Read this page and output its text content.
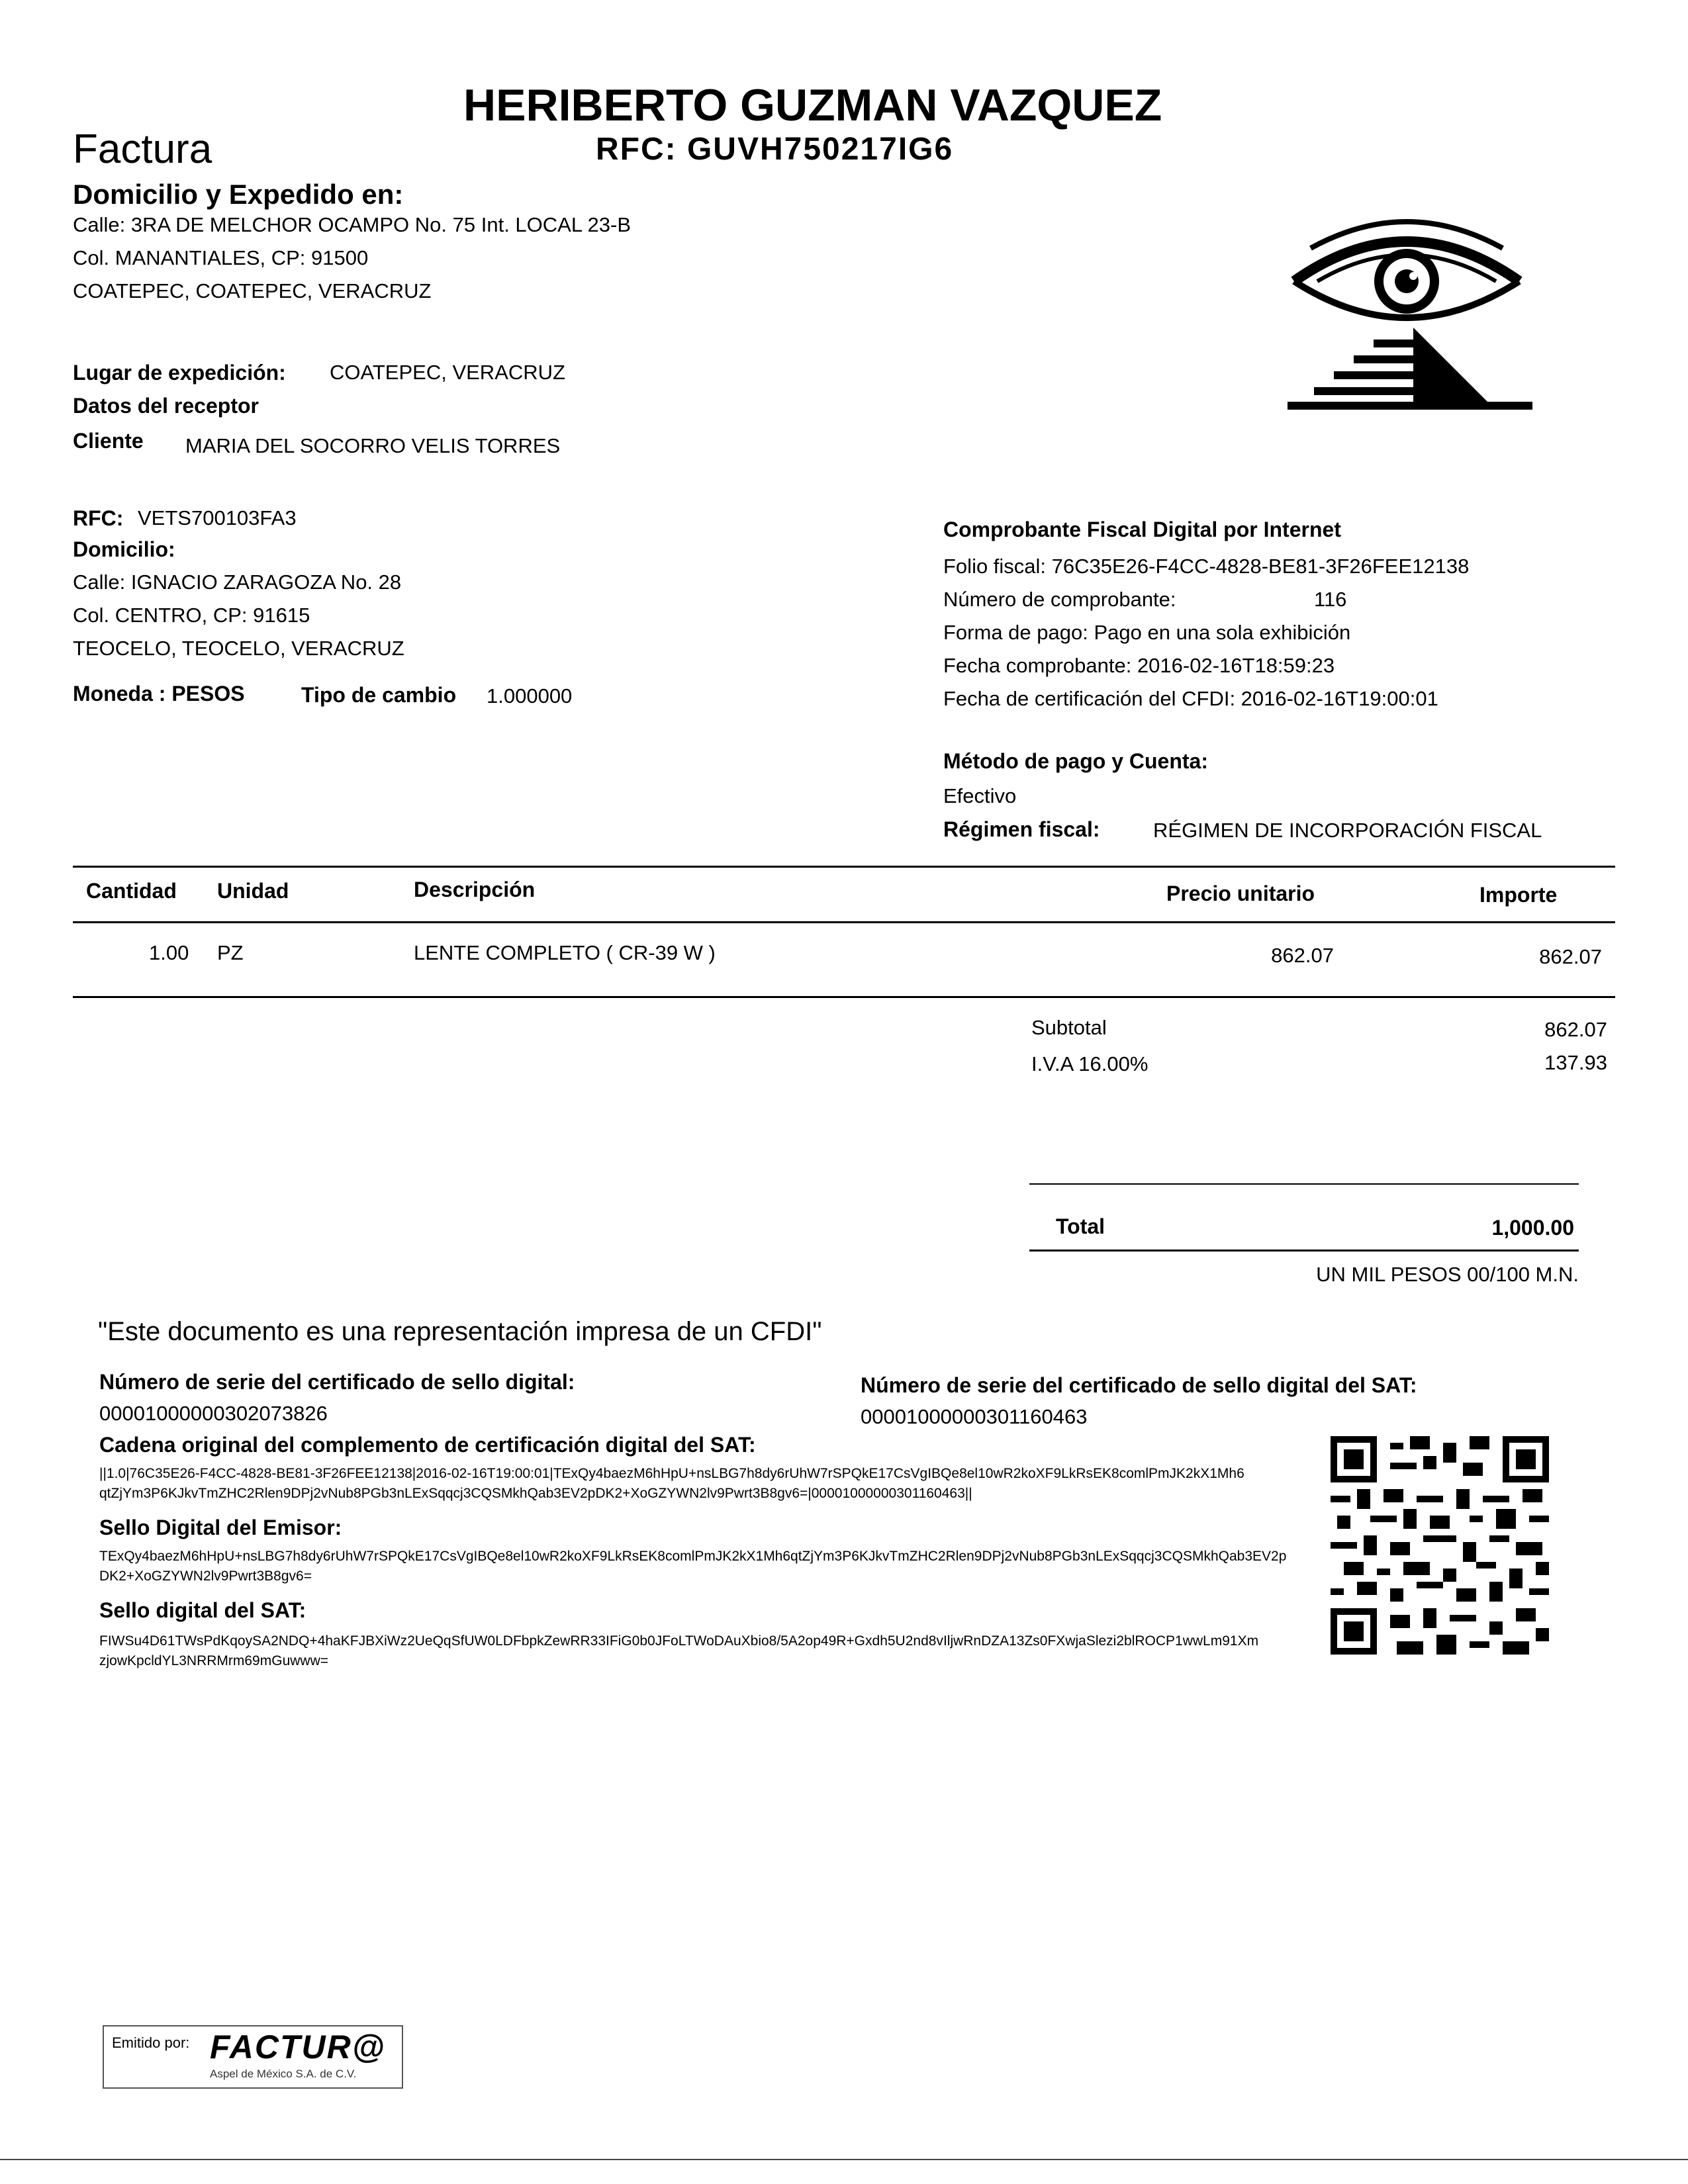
HERIBERTO GUZMAN VAZQUEZ
RFC: GUVH750217IG6
Factura
Domicilio y Expedido en:
Calle: 3RA DE MELCHOR OCAMPO No. 75 Int. LOCAL 23-B
Col. MANANTIALES, CP: 91500
COATEPEC, COATEPEC, VERACRUZ
Lugar de expedición: COATEPEC, VERACRUZ
Datos del receptor
Cliente MARIA DEL SOCORRO VELIS TORRES
RFC: VETS700103FA3
Domicilio:
Calle: IGNACIO ZARAGOZA No. 28
Col. CENTRO, CP: 91615
TEOCELO, TEOCELO, VERACRUZ
Moneda : PESOS	Tipo de cambio 1.000000
Comprobante Fiscal Digital por Internet
Folio fiscal: 76C35E26-F4CC-4828-BE81-3F26FEE12138
Número de comprobante:	116
Forma de pago: Pago en una sola exhibición
Fecha comprobante: 2016-02-16T18:59:23
Fecha de certificación del CFDI: 2016-02-16T19:00:01
Método de pago y Cuenta:
Efectivo
Régimen fiscal:	RÉGIMEN DE INCORPORACIÓN FISCAL
Cantidad Unidad	Descripción	Precio unitario	Importe
1.00 PZ	LENTE COMPLETO ( CR-39 W )	862.07	862.07
Subtotal	862.07
I.V.A 16.00%	137.93
Total	1,000.00
UN MIL PESOS 00/100 M.N.
"Este documento es una representación impresa de un CFDI"
Número de serie del certificado de sello digital:
00001000000302073826
Número de serie del certificado de sello digital del SAT:
00001000000301160463
Cadena original del complemento de certificación digital del SAT:
||1.0|76C35E26-F4CC-4828-BE81-3F26FEE12138|2016-02-16T19:00:01|TExQy4baezM6hHpU+nsLBG7h8dy6rUhW7rSPQkE17CsVgIBQe8el10wR2koXF9LkRsEK8comlPmJK2kX1Mh6qtZjYm3P6KJkvTmZHC2Rlen9DPj2vNub8PGb3nLExSqqcj3CQSMkhQab3EV2pDK2+XoGZYWN2lv9Pwrt3B8gv6=|00001000000301160463||
Sello Digital del Emisor:
TExQy4baezM6hHpU+nsLBG7h8dy6rUhW7rSPQkE17CsVgIBQe8el10wR2koXF9LkRsEK8comlPmJK2kX1Mh6qtZjYm3P6KJkvTmZHC2Rlen9DPj2vNub8PGb3nLExSqqcj3CQSMkhQab3EV2pDK2+XoGZYWN2lv9Pwrt3B8gv6=
Sello digital del SAT:
FIWSu4D61TWsPdKqoySA2NDQ+4haKFJBXiWz2UeQqSfUW0LDFbpkZewRR33IFiG0b0JFoLTWoDAuXbio8/5A2op49R+Gxdh5U2nd8vIljwRnDZA13Zs0FXwjaSlezi2blROCP1wwLm91XmzjowKpcldYL3NRRMrm69mGuwww=
Emitido por: FACTUR@
Aspel de México S.A. de C.V.
